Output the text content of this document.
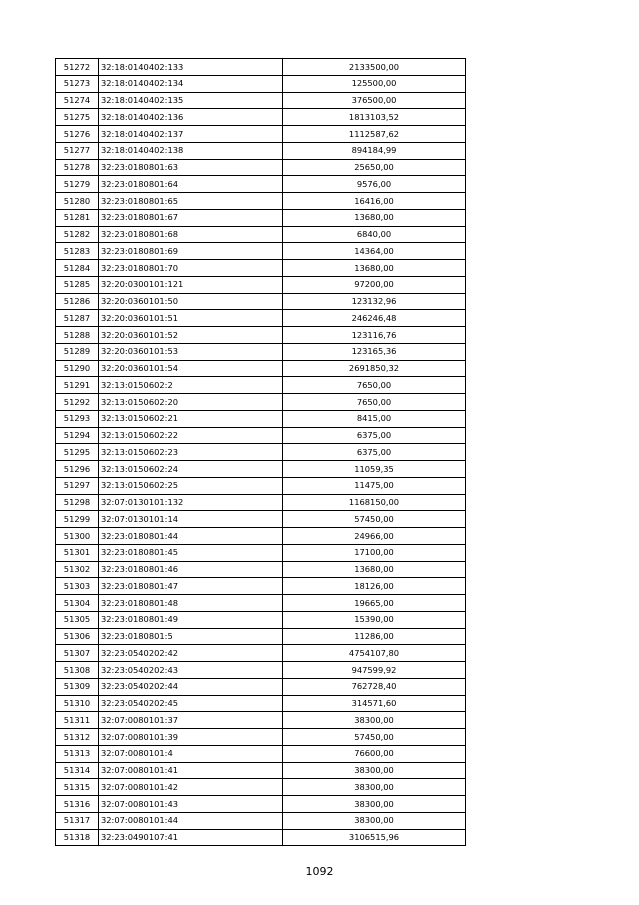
51272	32:18:0140402:133	2133500,00
51273	32:18:0140402:134	125500,00
51274	32:18:0140402:135	376500,00
51275	32:18:0140402:136	1813103,52
51276	32:18:0140402:137	1112587,62
51277	32:18:0140402:138	894184,99
51278	32:23:0180801:63	25650,00
51279	32:23:0180801:64	9576,00
51280	32:23:0180801:65	16416,00
51281	32:23:0180801:67	13680,00
51282	32:23:0180801:68	6840,00
51283	32:23:0180801:69	14364,00
51284	32:23:0180801:70	13680,00
51285	32:20:0300101:121	97200,00
51286	32:20:0360101:50	123132,96
51287	32:20:0360101:51	246246,48
51288	32:20:0360101:52	123116,76
51289	32:20:0360101:53	123165,36
51290	32:20:0360101:54	2691850,32
51291	32:13:0150602:2	7650,00
51292	32:13:0150602:20	7650,00
51293	32:13:0150602:21	8415,00
51294	32:13:0150602:22	6375,00
51295	32:13:0150602:23	6375,00
51296	32:13:0150602:24	11059,35
51297	32:13:0150602:25	11475,00
51298	32:07:0130101:132	1168150,00
51299	32:07:0130101:14	57450,00
51300	32:23:0180801:44	24966,00
51301	32:23:0180801:45	17100,00
51302	32:23:0180801:46	13680,00
51303	32:23:0180801:47	18126,00
51304	32:23:0180801:48	19665,00
51305	32:23:0180801:49	15390,00
51306	32:23:0180801:5	11286,00
51307	32:23:0540202:42	4754107,80
51308	32:23:0540202:43	947599,92
51309	32:23:0540202:44	762728,40
51310	32:23:0540202:45	314571,60
51311	32:07:0080101:37	38300,00
51312	32:07:0080101:39	57450,00
51313	32:07:0080101:4	76600,00
51314	32:07:0080101:41	38300,00
51315	32:07:0080101:42	38300,00
51316	32:07:0080101:43	38300,00
51317	32:07:0080101:44	38300,00
51318	32:23:0490107:41	3106515,96
1092
